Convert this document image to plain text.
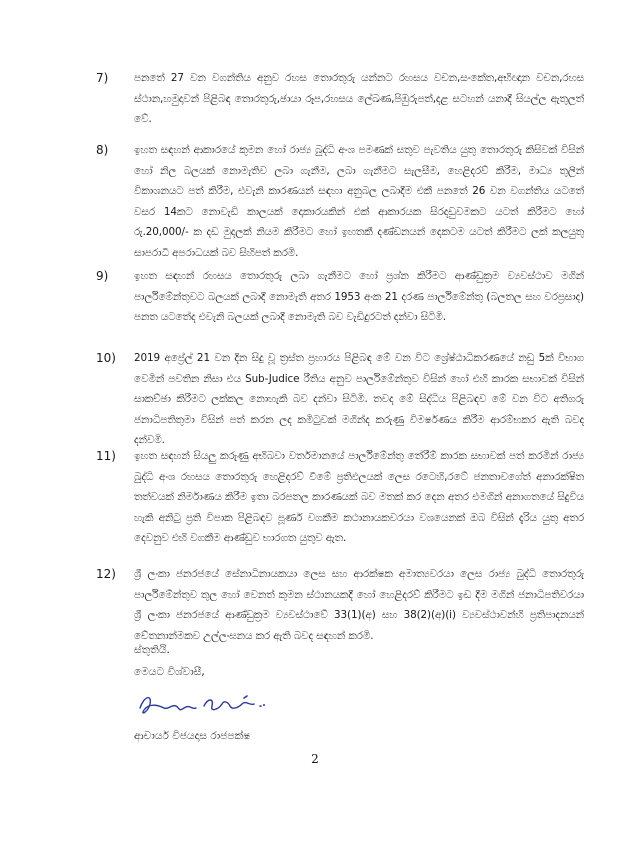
7)	පනතේ 27 වන වගන්තිය අනුව රහස තොරතුරු යන්නට රහසය වචන,සංකේත,අභිඥාන වචන,රහස ස්ථාන,හමුදාවන් පිළිබඳ තොරතුරු,ඡායා රූප,රහසය ලේඛණ,පිඹුරුපත්,දළ සටහන් යනාදී සියල්ල ඇතුලත් වේ.
8)	ඉහත සඳහන් ආකාරයේ කුමන හෝ රාජ්‍ය බුද්ධි අංශ පමණක් සතුව පැවතිය යුතු තොරතුරු කිසිවක් විසින් හෝ නිල බලයක් නොමැතිව ලබා ගැනීම, ලබා ගැනීමට සැලසීම, හෙළිදරව් කිරීම, මාධ්‍ය තුලින් විකාශනයට පත් කිරීම, එවැනි කාරණයන් සඳහා අනුබල ලබාදීම එකී පනතේ 26 වන වගන්තිය යටතේ වසර 14කට නොවැඩි කාලයක් දොකාරයකින් එක් ආකාරයක සිරදඩුවමකට යටත් කිරීමට හෝ රු.20,000/- ක දඩ මුදලක් නියම කිරීමට හෝ ඉහතකී දණ්ඩනයන් දෙකටම යටත් කිරීමට ලක් කලයුතු සාපරාධී අපරාධයක් බව සිහිපත් කරමි.
9)	ඉහත සඳහන් රහසය තොරතුරු ලබා ගැනීමට හෝ ප්‍රශ්න කිරීමට ආණ්ඩුක්‍රම ව්‍යවස්ථාව මගින් පාර්ලිමේන්තුවට බලයක් ලබාදී නොමැති අතර 1953 අංක 21 දරණ පාර්ලිමේන්තු (බලතල සහ වරප්‍රසාද) පනත යටතේද එවැනි බලයක් ලබාදී නොමැති බව වැඩිදුරටත් දන්වා සිටිමි.
10)	2019 අප්‍රේල් 21 වන දින සිදු වූ ත්‍රස්ත ප්‍රහාරය පිළිබඳ මේ වන විට ශ්‍රේෂ්ඨාධිකරණයේ නඩු 5ක් විභාග වෙමින් පවතින නිසා එය Sub-Judice රීතිය අනුව පාර්ලිමේන්තුව විසින් හෝ එහි කාරක සභාවක් විසින් සාකච්ඡා කිරීමට ලක්කල නොහැකි බව දන්වා සිටිමි. තවද මේ සිද්ධිය පිළිබඳව මේ වන විට අතිගරු ජනාධිපතිතුමා විසින් පත් කරන ලද කමිටුවක් මගින්ද කරුණු විමර්ෂණය කිරීම ආරම්භකර ඇති බවද දන්වමි.
11)	ඉහත සඳහන් සියලු කරුණු අභිබවා වර්තමානයේ පාර්ලිමේන්තු තේරීම් කාරක සභාවක් පත් කරමින් රාජ්‍ය බුද්ධි අංශ රහසය තොරතුරු හෙළිදරව් වීමේ ප්‍රතිඵලයක් ලෙස රටෙහි,රටේ ජනතාවගේත් අනාරක්ෂිත තත්වයක් නිර්මාණය කිරීම ඉතා බරපතල කාරණයක් බව මතක් කර දෙන අතර එමගින් අනාගතයේ සිදුවිය හැකි අනිටු ප්‍රති විපාක පිළිබඳව පූර්ණ වගකීම කථානායකවරයා වශයෙනක් ඔබ විසින් දැරිය යුතු අතර දෙවනුව එහි වගකීම ආණ්ඩුව භාරගත යුතුව ඇත.
12)	ශ්‍රී ලංකා ජනරජයේ සේනාධිනායකයා ලෙස සහ ආරක්ෂක අමාත්‍යවරයා ලෙස රාජ්‍ය බුද්ධි තොරතුරු පාර්ලිමේන්තුව තුල හෝ වෙනත් කුමන ස්ථානයකදී හෝ හෙළිදරව් කිරීමට ඉඩ දීම මගින් ජනාධිපතිවරයා ශ්‍රී ලංකා ජනරජයේ ආණ්ඩුක්‍රම ව්‍යවස්ථාවේ 33(1)(අ) සහ 38(2)(අ)(i) ව්‍යවස්ථාවන්හි ප්‍රතිපාදනයන් චේතනාන්මකව උල්ලංඝනය කර ඇති බවද සඳහන් කරමි.
ස්තුතියි.
මෙයට විශ්වාසී,
ආචාර්ය විජයදාස රාජපක්ෂ
2
